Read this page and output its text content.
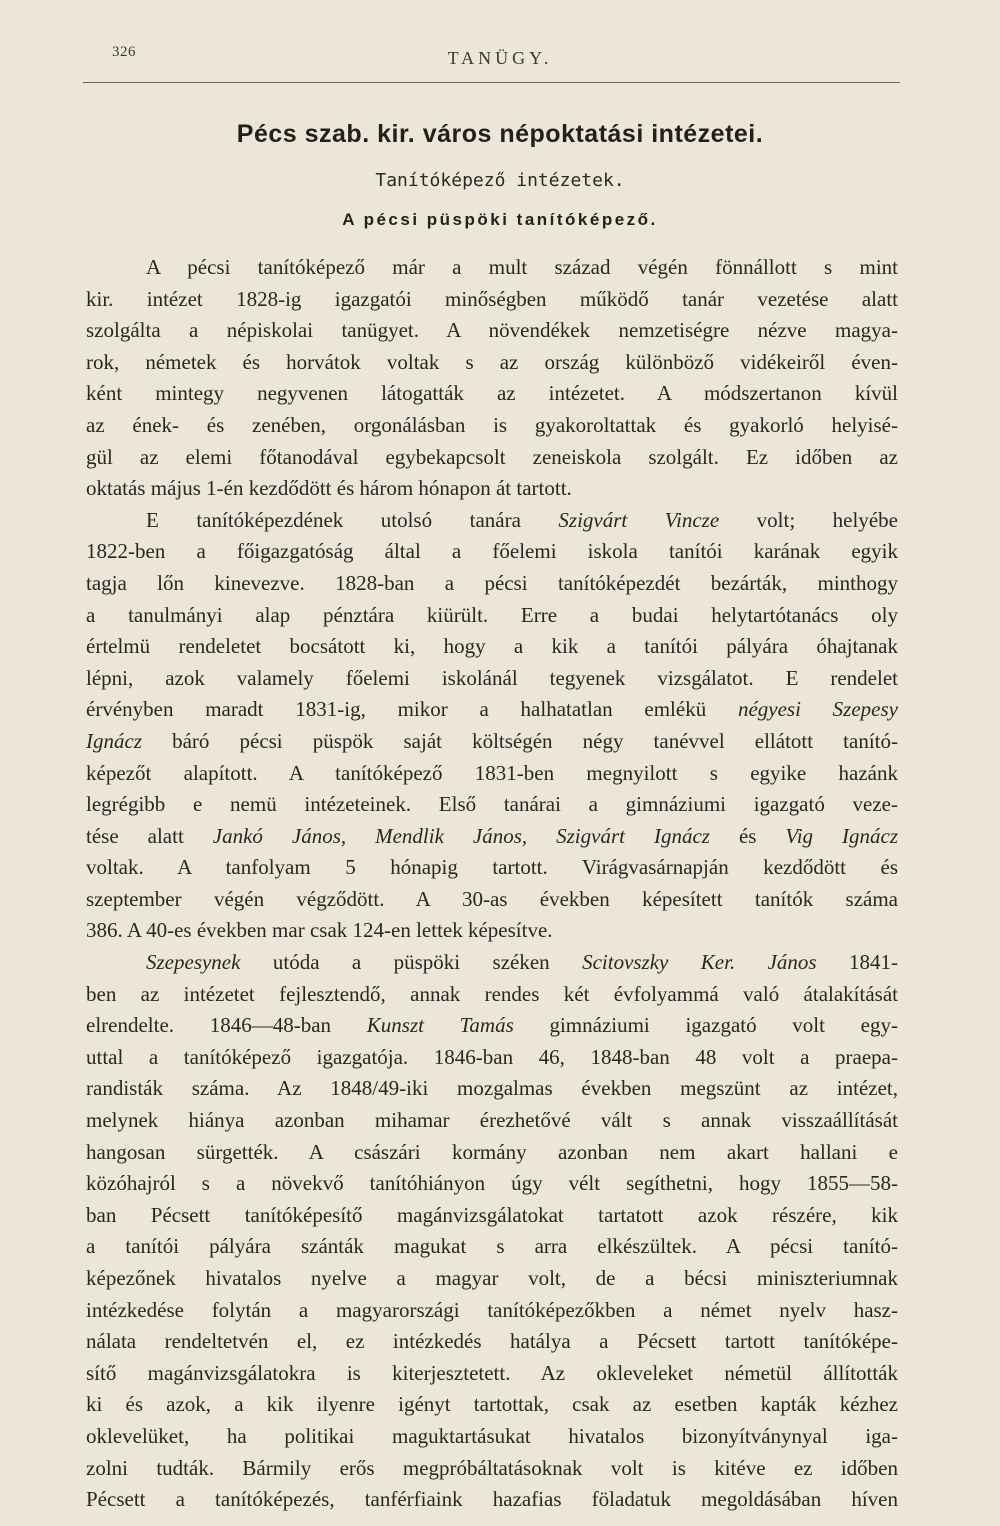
326	TANÜGY.
Pécs szab. kir. város népoktatási intézetei.
Tanítóképező intézetek.
A pécsi püspöki tanítóképező.
A pécsi tanítóképező már a mult század végén fönnállott s mint
kir. intézet 1828-ig igazgatói minőségben működő tanár vezetése alatt
szolgálta a népiskolai tanügyet. A növendékek nemzetiségre nézve magya-
rok, németek és horvátok voltak s az ország különböző vidékeiről éven-
ként mintegy negyvenen látogatták az intézetet. A módszertanon kívül
az ének- és zenében, orgonálásban is gyakoroltattak és gyakorló helyisé-
gül az elemi főtanodával egybekapcsolt zeneiskola szolgált. Ez időben az
oktatás május 1-én kezdődött és három hónapon át tartott.
E tanítóképezdének utolsó tanára Szigvárt Vincze volt; helyébe
1822-ben a főigazgatóság által a főelemi iskola tanítói karának egyik
tagja lőn kinevezve. 1828-ban a pécsi tanítóképezdét bezárták, minthogy
a tanulmányi alap pénztára kiürült. Erre a budai helytartótanács oly
értelmü rendeletet bocsátott ki, hogy a kik a tanítói pályára óhajtanak
lépni, azok valamely főelemi iskolánál tegyenek vizsgálatot. E rendelet
érvényben maradt 1831-ig, mikor a halhatatlan emlékü négyesi Szepesy
Ignácz báró pécsi püspök saját költségén négy tanévvel ellátott tanító-
képezőt alapított. A tanítóképező 1831-ben megnyilott s egyike hazánk
legrégibb e nemü intézeteinek. Első tanárai a gimnáziumi igazgató veze-
tése alatt Jankó János, Mendlik János, Szigvárt Ignácz és Vig Ignácz
voltak. A tanfolyam 5 hónapig tartott. Virágvasárnapján kezdődött és
szeptember végén végződött. A 30-as években képesített tanítók száma
386. A 40-es években mar csak 124-en lettek képesítve.
Szepesynek utóda a püspöki széken Scitovszky Ker. János 1841-
ben az intézetet fejlesztendő, annak rendes két évfolyammá való átalakítását
elrendelte. 1846—48-ban Kunszt Tamás gimnáziumi igazgató volt egy-
uttal a tanítóképező igazgatója. 1846-ban 46, 1848-ban 48 volt a praepa-
randisták száma. Az 1848/49-iki mozgalmas években megszünt az intézet,
melynek hiánya azonban mihamar érezhetővé vált s annak visszaállítását
hangosan sürgették. A császári kormány azonban nem akart hallani e
közóhajról s a növekvő tanítóhiányon úgy vélt segíthetni, hogy 1855—58-
ban Pécsett tanítóképesítő magánvizsgálatokat tartatott azok részére, kik
a tanítói pályára szánták magukat s arra elkészültek. A pécsi tanító-
képezőnek hivatalos nyelve a magyar volt, de a bécsi miniszteriumnak
intézkedése folytán a magyarországi tanítóképezőkben a német nyelv hasz-
nálata rendeltetvén el, ez intézkedés hatálya a Pécsett tartott tanítóképe-
sítő magánvizsgálatokra is kiterjesztetett. Az okleveleket németül állították
ki és azok, a kik ilyenre igényt tartottak, csak az esetben kapták kézhez
oklevelüket, ha politikai maguktartásukat hivatalos bizonyítványnyal iga-
zolni tudták. Bármily erős megpróbáltatásoknak volt is kitéve ez időben
Pécsett a tanítóképezés, tanférfiaink hazafias föladatuk megoldásában híven
